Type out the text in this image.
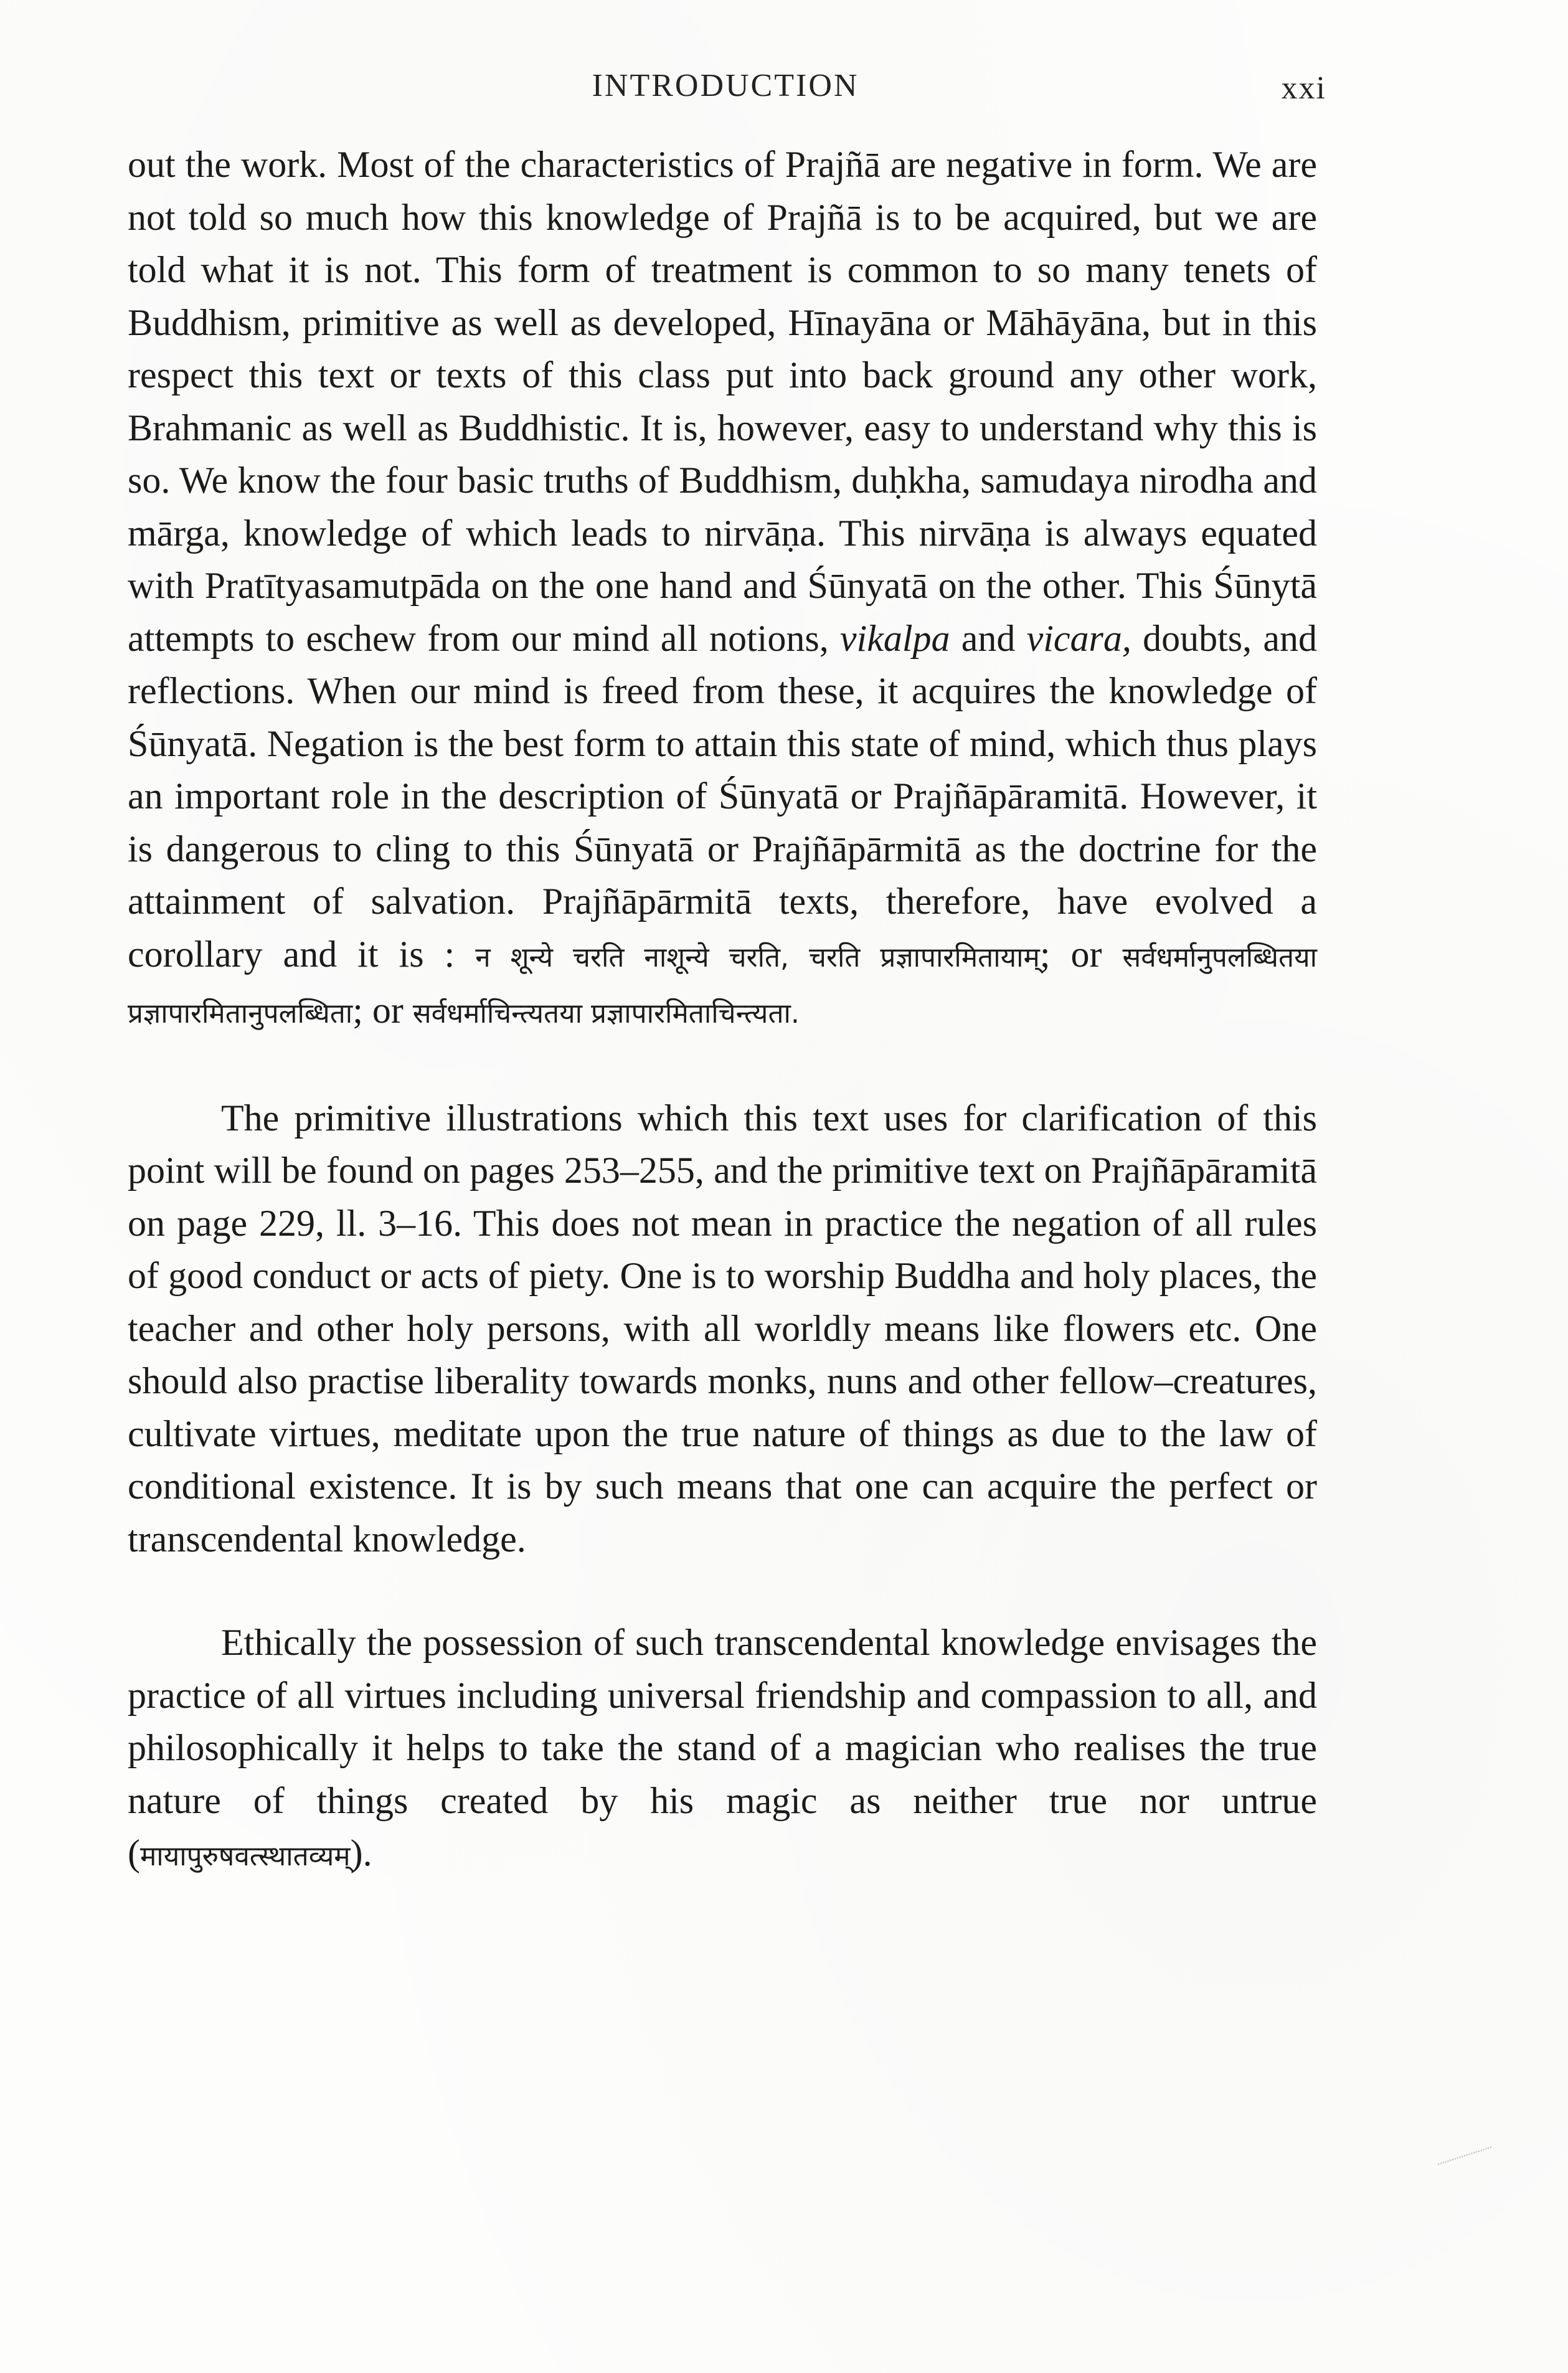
INTRODUCTION	xxi

out the work. Most of the characteristics of Prajñā are negative in form. We are not told so much how this knowledge of Prajñā is to be acquired, but we are told what it is not. This form of treatment is common to so many tenets of Buddhism, primitive as well as developed, Hīnayāna or Māhāyāna, but in this respect this text or texts of this class put into back ground any other work, Brahmanic as well as Buddhistic. It is, however, easy to understand why this is so. We know the four basic truths of Buddhism, duḥkha, samudaya nirodha and mārga, knowledge of which leads to nirvāṇa. This nirvāṇa is always equated with Pratītyasamutpāda on the one hand and Śūnyatā on the other. This Śūnytā attempts to eschew from our mind all notions, vikalpa and vicara, doubts, and reflections. When our mind is freed from these, it acquires the knowledge of Śūnyatā. Negation is the best form to attain this state of mind, which thus plays an important role in the description of Śūnyatā or Prajñāpāramitā. However, it is dangerous to cling to this Śūnyatā or Prajñāpārmitā as the doctrine for the attainment of salvation. Prajñāpārmitā texts, therefore, have evolved a corollary and it is : न शून्ये चरति नाशून्ये चरति, चरति प्रज्ञापारमितायाम्; or सर्वधर्मानुपलब्धितया प्रज्ञापारमितानुपलब्धिता; or सर्वधर्माचिन्त्यतया प्रज्ञापारमिताचिन्त्यता.

The primitive illustrations which this text uses for clarification of this point will be found on pages 253–255, and the primitive text on Prajñāpāramitā on page 229, ll. 3–16. This does not mean in practice the negation of all rules of good conduct or acts of piety. One is to worship Buddha and holy places, the teacher and other holy persons, with all worldly means like flowers etc. One should also practise liberality towards monks, nuns and other fellow–creatures, cultivate virtues, meditate upon the true nature of things as due to the law of conditional existence. It is by such means that one can acquire the perfect or transcendental knowledge.

Ethically the possession of such transcendental knowledge envisages the practice of all virtues including universal friendship and compassion to all, and philosophically it helps to take the stand of a magician who realises the true nature of things created by his magic as neither true nor untrue (मायापुरुषवत्स्थातव्यम्).
